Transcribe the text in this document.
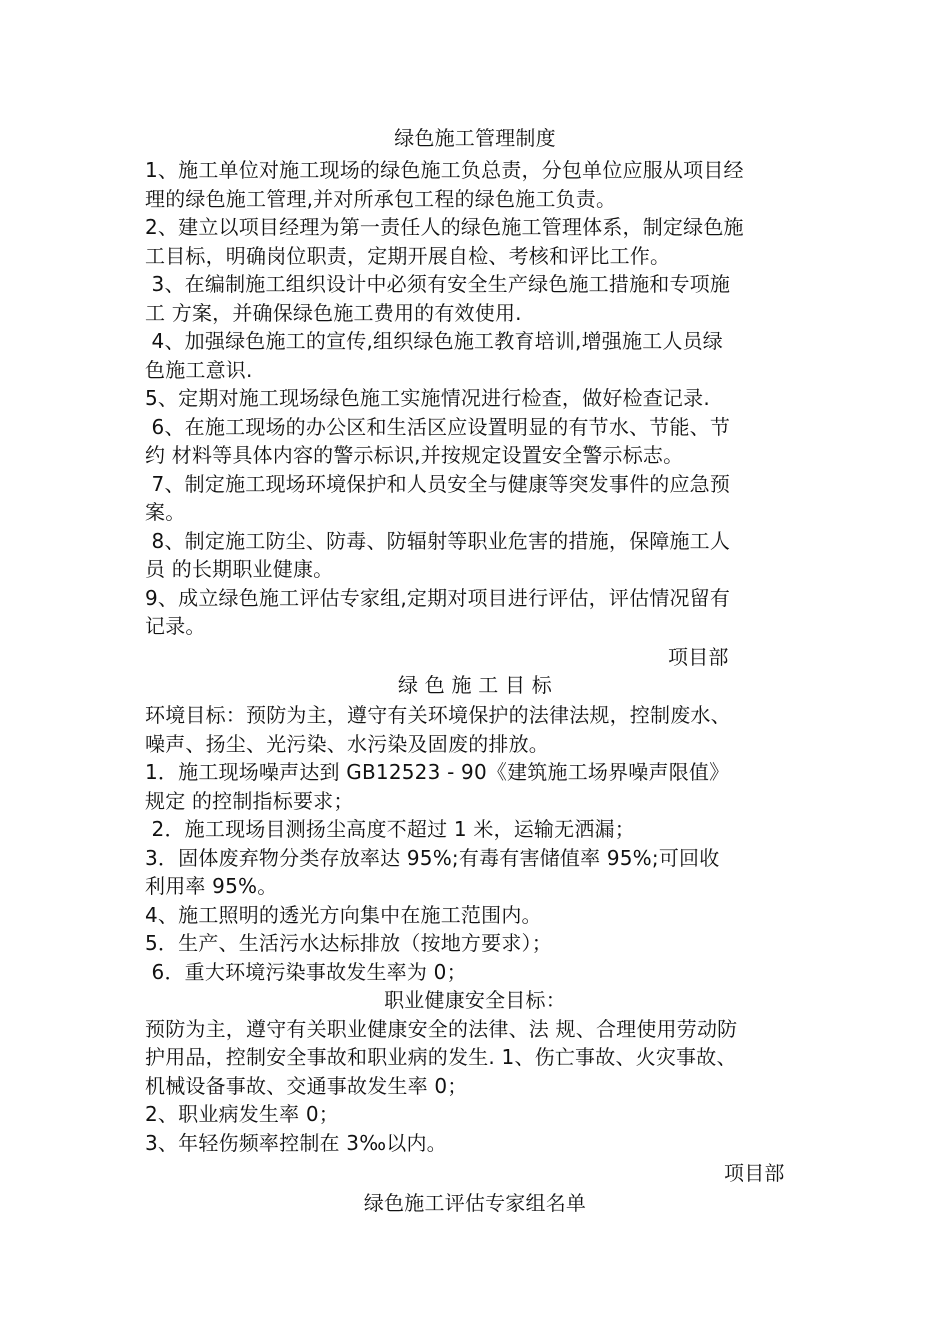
绿色施工管理制度
1、施工单位对施工现场的绿色施工负总责，分包单位应服从项目经
理的绿色施工管理,并对所承包工程的绿色施工负责。
2、建立以项目经理为第一责任人的绿色施工管理体系，制定绿色施
工目标，明确岗位职责，定期开展自检、考核和评比工作。
3、在编制施工组织设计中必须有安全生产绿色施工措施和专项施
工 方案，并确保绿色施工费用的有效使用.
4、加强绿色施工的宣传,组织绿色施工教育培训,增强施工人员绿
色施工意识.
5、定期对施工现场绿色施工实施情况进行检查，做好检查记录.
6、在施工现场的办公区和生活区应设置明显的有节水、节能、节
约 材料等具体内容的警示标识,并按规定设置安全警示标志。
7、制定施工现场环境保护和人员安全与健康等突发事件的应急预
案。
8、制定施工防尘、防毒、防辐射等职业危害的措施，保障施工人
员 的长期职业健康。
9、成立绿色施工评估专家组,定期对项目进行评估，评估情况留有
记录。
项目部
绿 色 施 工 目 标
环境目标：预防为主，遵守有关环境保护的法律法规，控制废水、
噪声、扬尘、光污染、水污染及固废的排放。
1．施工现场噪声达到 GB12523 - 90《建筑施工场界噪声限值》
规定 的控制指标要求；
2．施工现场目测扬尘高度不超过 1 米，运输无洒漏；
3．固体废弃物分类存放率达 95%;有毒有害储值率 95%;可回收
利用率 95%。
4、施工照明的透光方向集中在施工范围内。
5．生产、生活污水达标排放（按地方要求）；
6．重大环境污染事故发生率为 0；
职业健康安全目标：
预防为主，遵守有关职业健康安全的法律、法 规、合理使用劳动防
护用品，控制安全事故和职业病的发生. 1、伤亡事故、火灾事故、
机械设备事故、交通事故发生率 0；
2、职业病发生率 0；
3、年轻伤频率控制在 3‰以内。
项目部
绿色施工评估专家组名单
